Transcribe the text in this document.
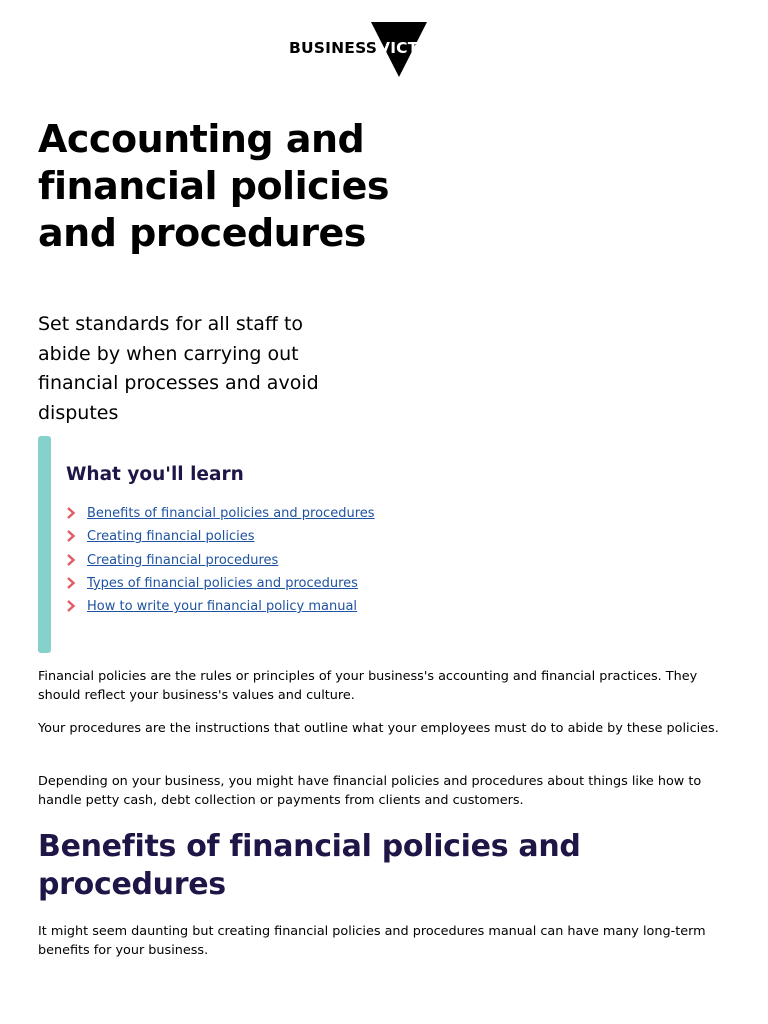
BUSINESS VICTORIA
Accounting and financial policies and procedures

Set standards for all staff to abide by when carrying out financial processes and avoid disputes

What you'll learn
Benefits of financial policies and procedures
Creating financial policies
Creating financial procedures
Types of financial policies and procedures
How to write your financial policy manual

Financial policies are the rules or principles of your business's accounting and financial practices. They should reflect your business's values and culture.

Your procedures are the instructions that outline what your employees must do to abide by these policies.

Depending on your business, you might have financial policies and procedures about things like how to handle petty cash, debt collection or payments from clients and customers.

Benefits of financial policies and procedures

It might seem daunting but creating financial policies and procedures manual can have many long-term benefits for your business.
